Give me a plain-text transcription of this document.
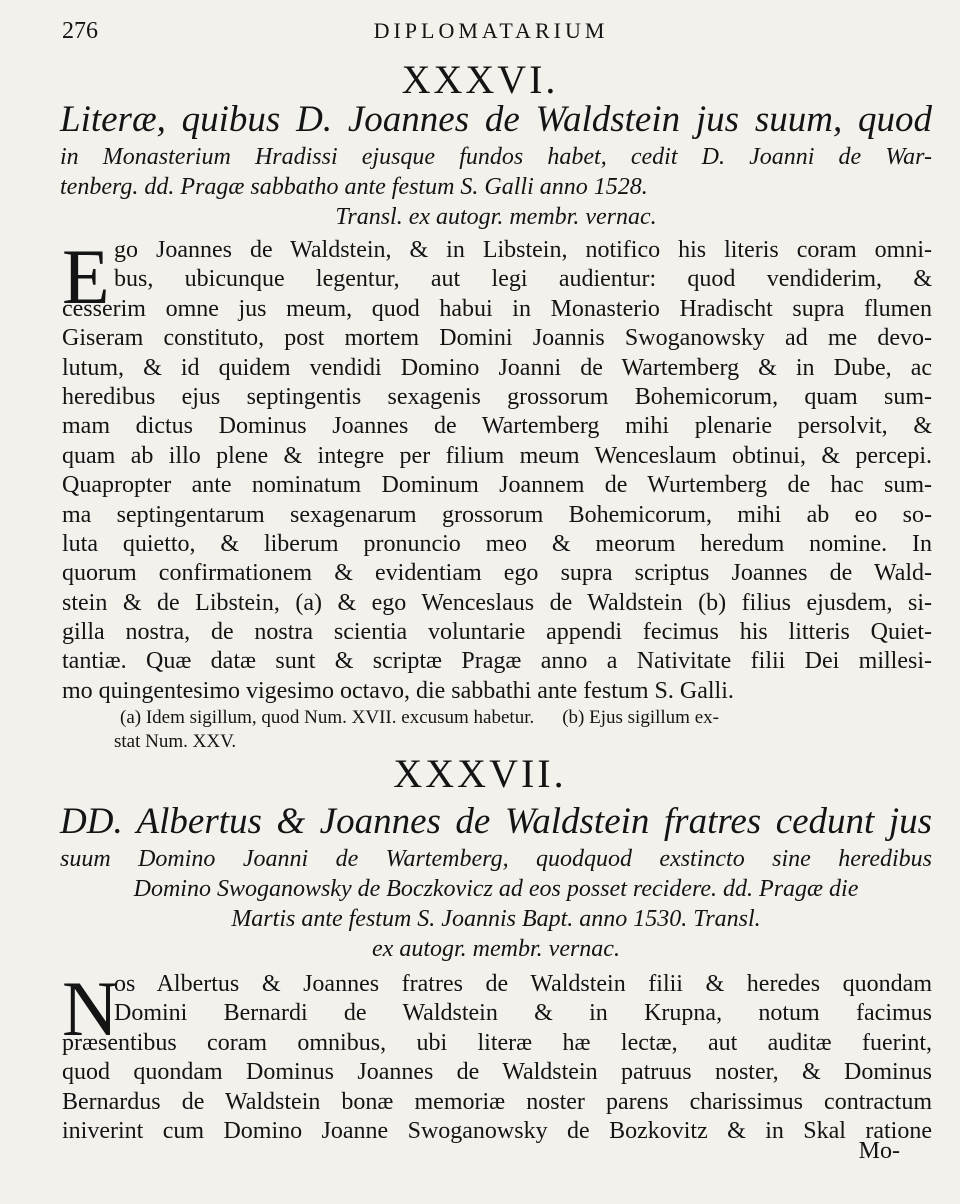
276	DIPLOMATARIUM
XXXVI.
Literæ, quibus D. Joannes de Waldstein jus suum, quod
in Monasterium Hradissi ejusque fundos habet, cedit D. Joanni de War-
tenberg. dd. Pragæ sabbatho ante festum S. Galli anno 1528.
Transl. ex autogr. membr. vernac.
E go Joannes de Waldstein, & in Libstein, notifico his literis coram omni-
bus, ubicunque legentur, aut legi audientur: quod vendiderim, &
cesserim omne jus meum, quod habui in Monasterio Hradischt supra flumen
Giseram constituto, post mortem Domini Joannis Swoganowsky ad me devo-
lutum, & id quidem vendidi Domino Joanni de Wartemberg & in Dube, ac
heredibus ejus septingentis sexagenis grossorum Bohemicorum, quam sum-
mam dictus Dominus Joannes de Wartemberg mihi plenarie persolvit, &
quam ab illo plene & integre per filium meum Wenceslaum obtinui, & percepi.
Quapropter ante nominatum Dominum Joannem de Wurtemberg de hac sum-
ma septingentarum sexagenarum grossorum Bohemicorum, mihi ab eo so-
luta quietto, & liberum pronuncio meo & meorum heredum nomine. In
quorum confirmationem & evidentiam ego supra scriptus Joannes de Wald-
stein & de Libstein, (a) & ego Wenceslaus de Waldstein (b) filius ejusdem, si-
gilla nostra, de nostra scientia voluntarie appendi fecimus his litteris Quiet-
tantiæ. Quæ datæ sunt & scriptæ Pragæ anno a Nativitate filii Dei millesi-
mo quingentesimo vigesimo octavo, die sabbathi ante festum S. Galli.
(a) Idem sigillum, quod Num. XVII. excusum habetur. (b) Ejus sigillum ex-
stat Num. XXV.
XXXVII.
DD. Albertus & Joannes de Waldstein fratres cedunt jus
suum Domino Joanni de Wartemberg, quodquod exstincto sine heredibus
Domino Swoganowsky de Boczkovicz ad eos posset recidere. dd. Pragæ die
Martis ante festum S. Joannis Bapt. anno 1530. Transl.
ex autogr. membr. vernac.
N
os Albertus & Joannes fratres de Waldstein filii & heredes quondam
Domini Bernardi de Waldstein & in Krupna, notum facimus
præsentibus coram omnibus, ubi literæ hæ lectæ, aut auditæ fuerint,
quod quondam Dominus Joannes de Waldstein patruus noster, & Dominus
Bernardus de Waldstein bonæ memoriæ noster parens charissimus contractum
iniverint cum Domino Joanne Swoganowsky de Bozkovitz & in Skal ratione
Mo-
